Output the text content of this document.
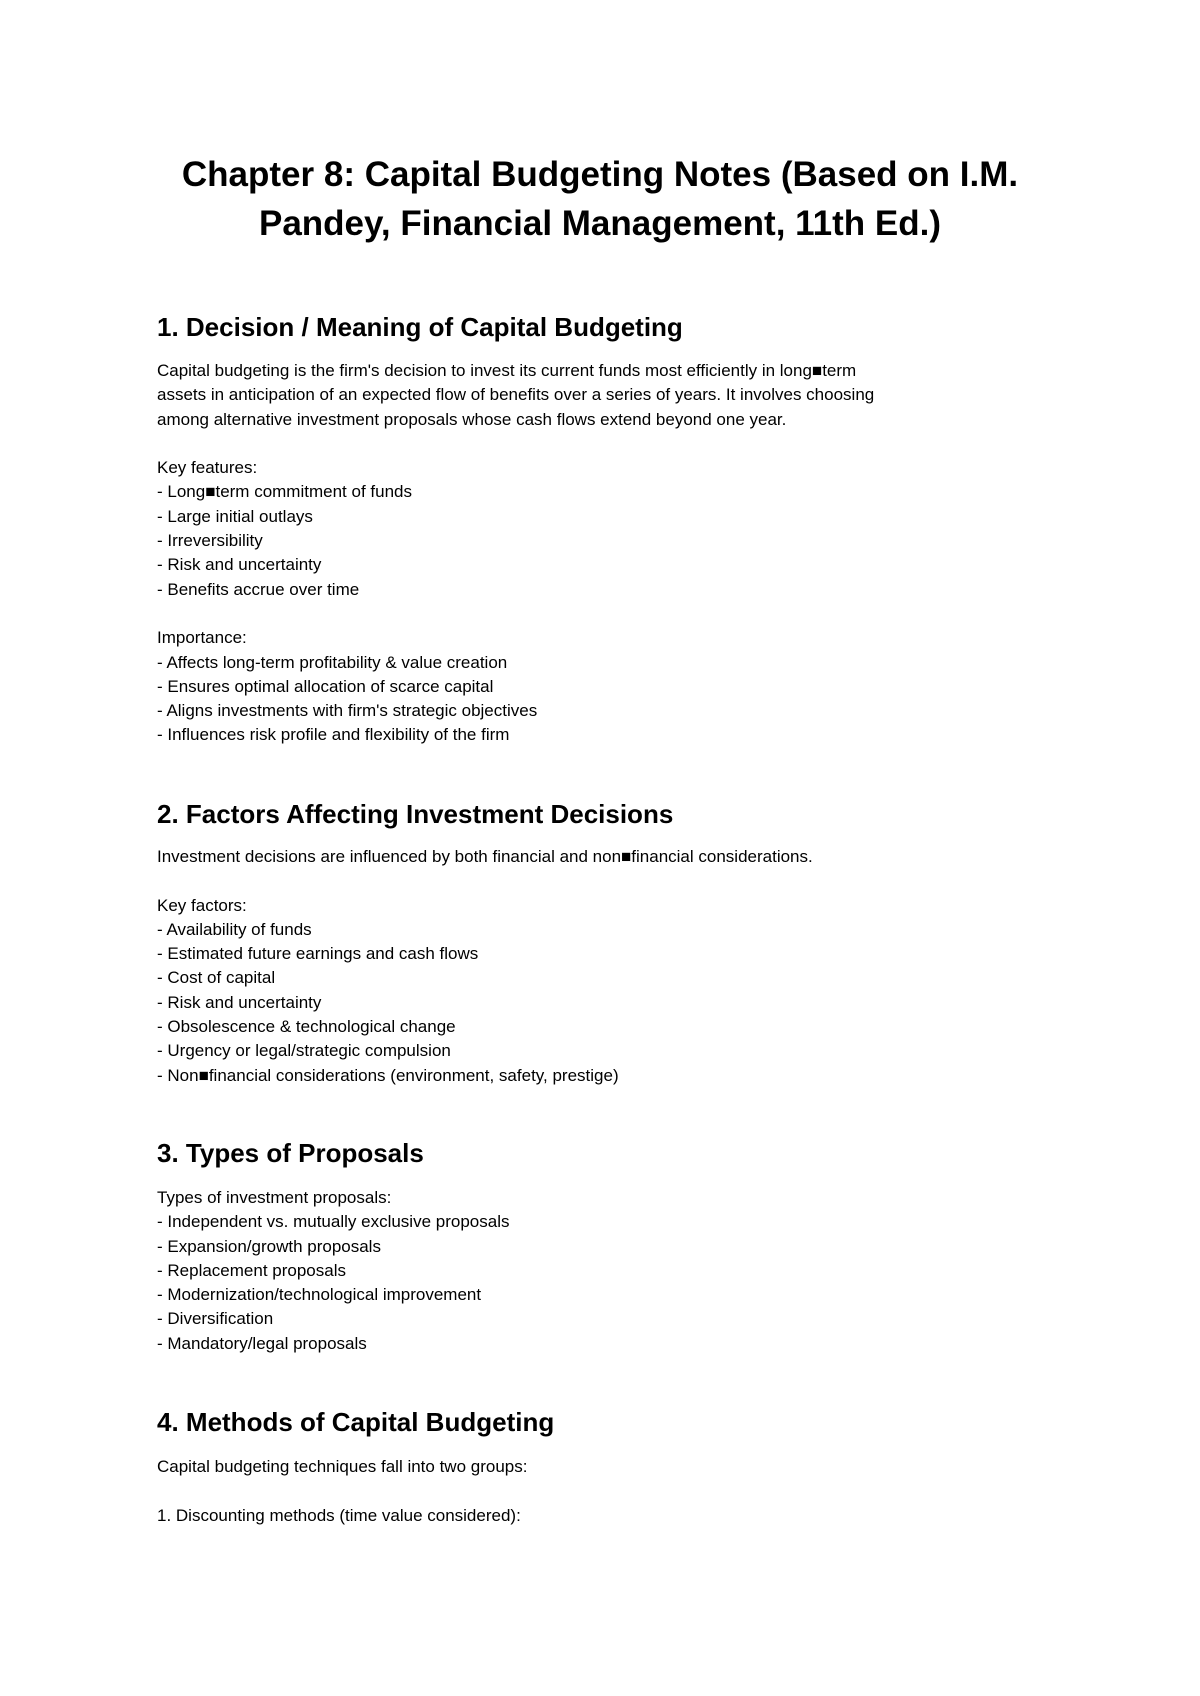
Chapter 8: Capital Budgeting Notes (Based on I.M.
Pandey, Financial Management, 11th Ed.)
1. Decision / Meaning of Capital Budgeting
Capital budgeting is the firm's decision to invest its current funds most efficiently in long■term
assets in anticipation of an expected flow of benefits over a series of years. It involves choosing
among alternative investment proposals whose cash flows extend beyond one year.
Key features:
- Long■term commitment of funds
- Large initial outlays
- Irreversibility
- Risk and uncertainty
- Benefits accrue over time
Importance:
- Affects long-term profitability & value creation
- Ensures optimal allocation of scarce capital
- Aligns investments with firm's strategic objectives
- Influences risk profile and flexibility of the firm
2. Factors Affecting Investment Decisions
Investment decisions are influenced by both financial and non■financial considerations.
Key factors:
- Availability of funds
- Estimated future earnings and cash flows
- Cost of capital
- Risk and uncertainty
- Obsolescence & technological change
- Urgency or legal/strategic compulsion
- Non■financial considerations (environment, safety, prestige)
3. Types of Proposals
Types of investment proposals:
- Independent vs. mutually exclusive proposals
- Expansion/growth proposals
- Replacement proposals
- Modernization/technological improvement
- Diversification
- Mandatory/legal proposals
4. Methods of Capital Budgeting
Capital budgeting techniques fall into two groups:
1. Discounting methods (time value considered):
